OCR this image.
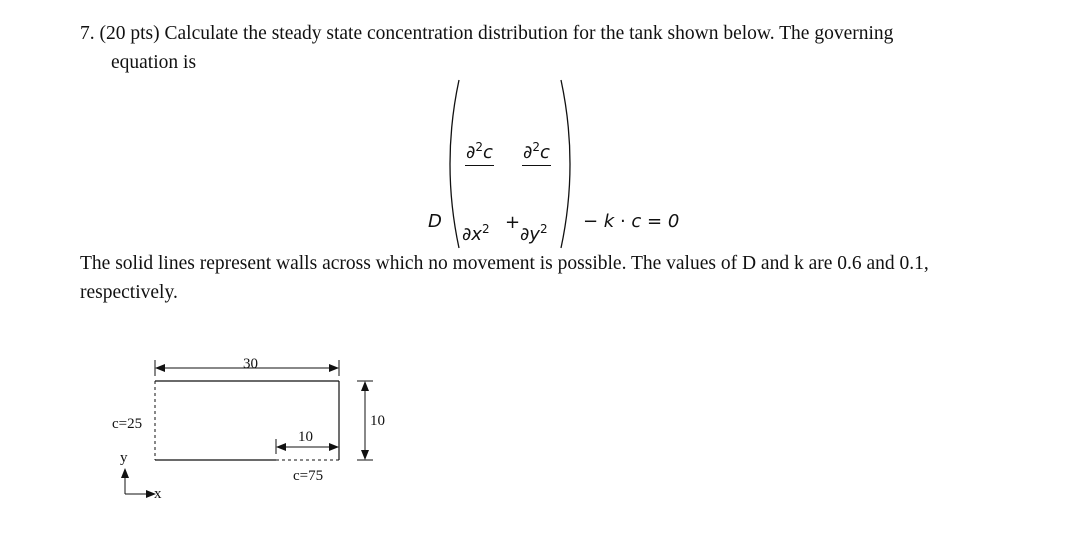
7. (20 pts) Calculate the steady state concentration distribution for the tank shown below. The governing
equation is
D
∂$^2$c ∂$^2$c
$\partial x^2$ +
$\partial y^2 - k \cdot c = 0$
The solid lines represent walls across which no movement is possible. The values of D and k are 0.6 and 0.1,
respectively.
30
10
10
c=25
c=75
y
x
